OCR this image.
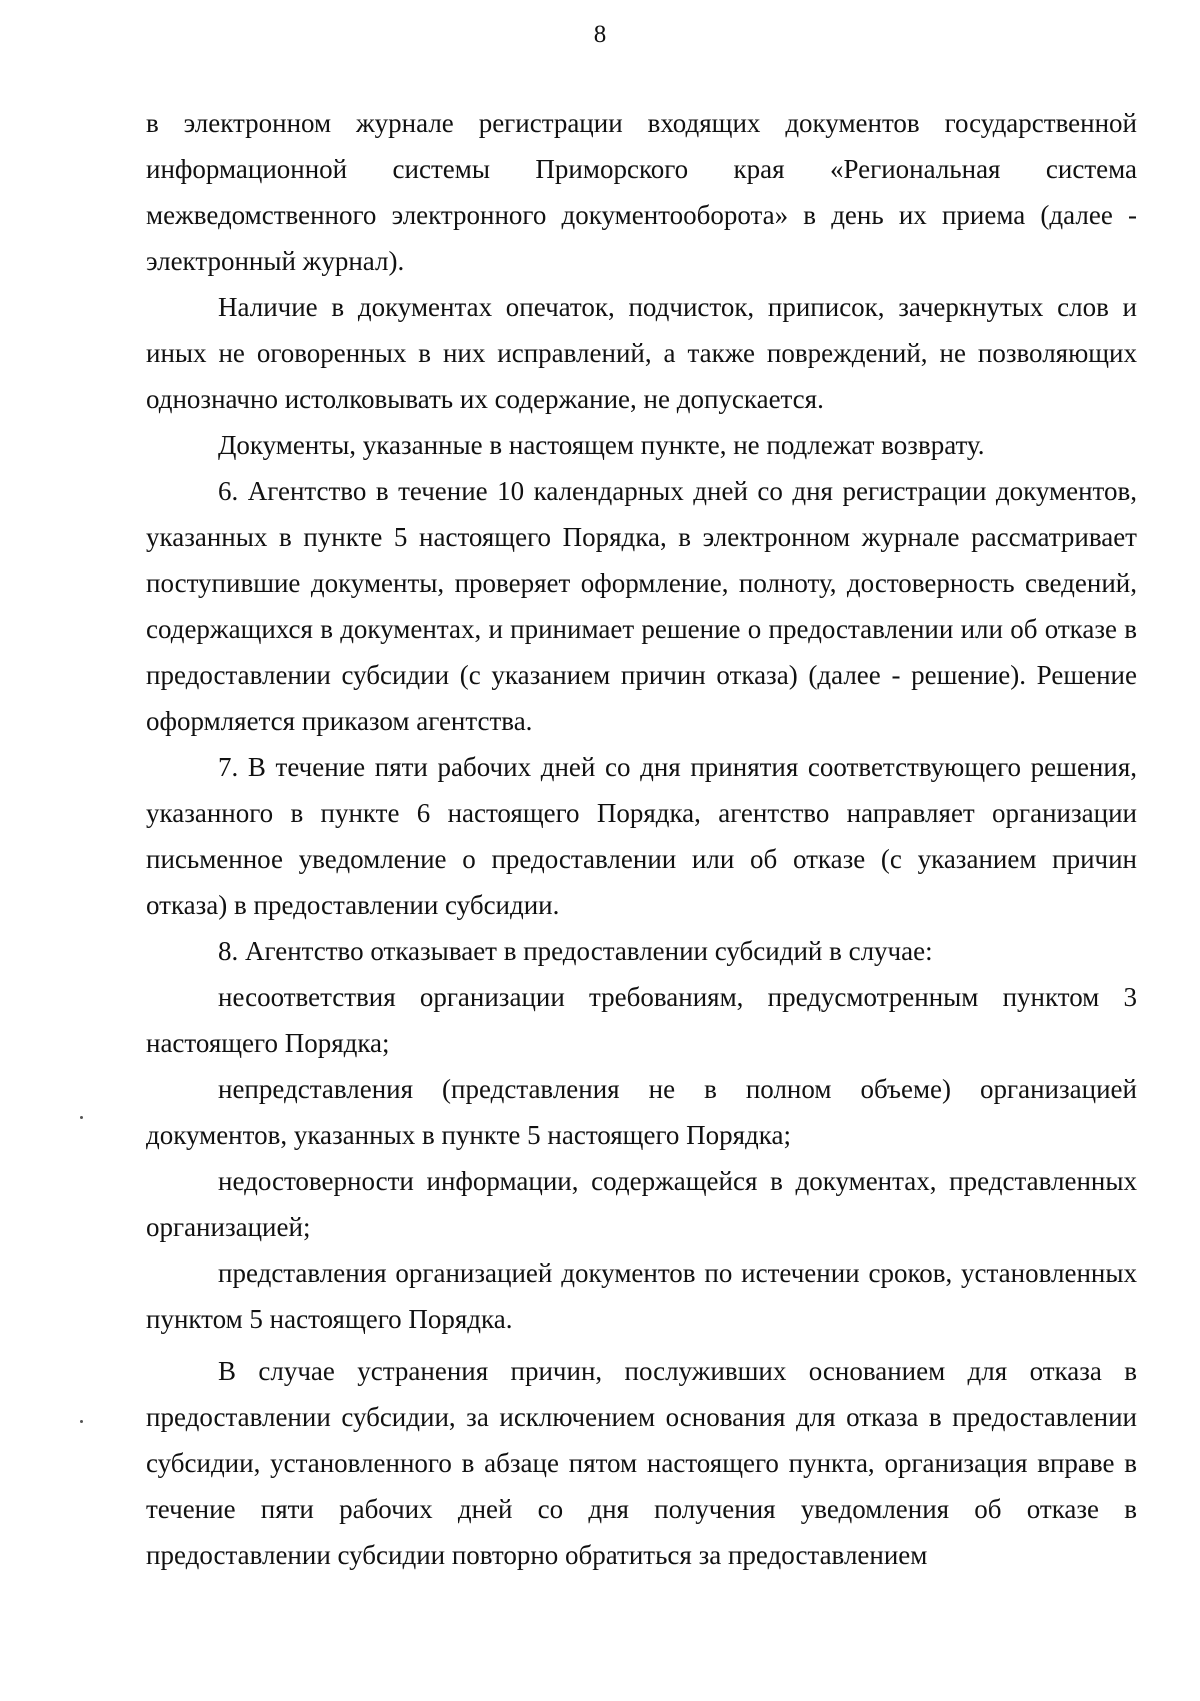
8

в электронном журнале регистрации входящих документов государственной информационной системы Приморского края «Региональная система межведомственного электронного документооборота» в день их приема (далее - электронный журнал).

Наличие в документах опечаток, подчисток, приписок, зачеркнутых слов и иных не оговоренных в них исправлений, а также повреждений, не позволяющих однозначно истолковывать их содержание, не допускается.

Документы, указанные в настоящем пункте, не подлежат возврату.

6. Агентство в течение 10 календарных дней со дня регистрации документов, указанных в пункте 5 настоящего Порядка, в электронном журнале рассматривает поступившие документы, проверяет оформление, полноту, достоверность сведений, содержащихся в документах, и принимает решение о предоставлении или об отказе в предоставлении субсидии (с указанием причин отказа) (далее - решение). Решение оформляется приказом агентства.

7. В течение пяти рабочих дней со дня принятия соответствующего решения, указанного в пункте 6 настоящего Порядка, агентство направляет организации письменное уведомление о предоставлении или об отказе (с указанием причин отказа) в предоставлении субсидии.

8. Агентство отказывает в предоставлении субсидий в случае:

несоответствия организации требованиям, предусмотренным пунктом 3 настоящего Порядка;

непредставления (представления не в полном объеме) организацией документов, указанных в пункте 5 настоящего Порядка;

недостоверности информации, содержащейся в документах, представленных организацией;

представления организацией документов по истечении сроков, установленных пунктом 5 настоящего Порядка.

В случае устранения причин, послуживших основанием для отказа в предоставлении субсидии, за исключением основания для отказа в предоставлении субсидии, установленного в абзаце пятом настоящего пункта, организация вправе в течение пяти рабочих дней со дня получения уведомления об отказе в предоставлении субсидии повторно обратиться за предоставлением
